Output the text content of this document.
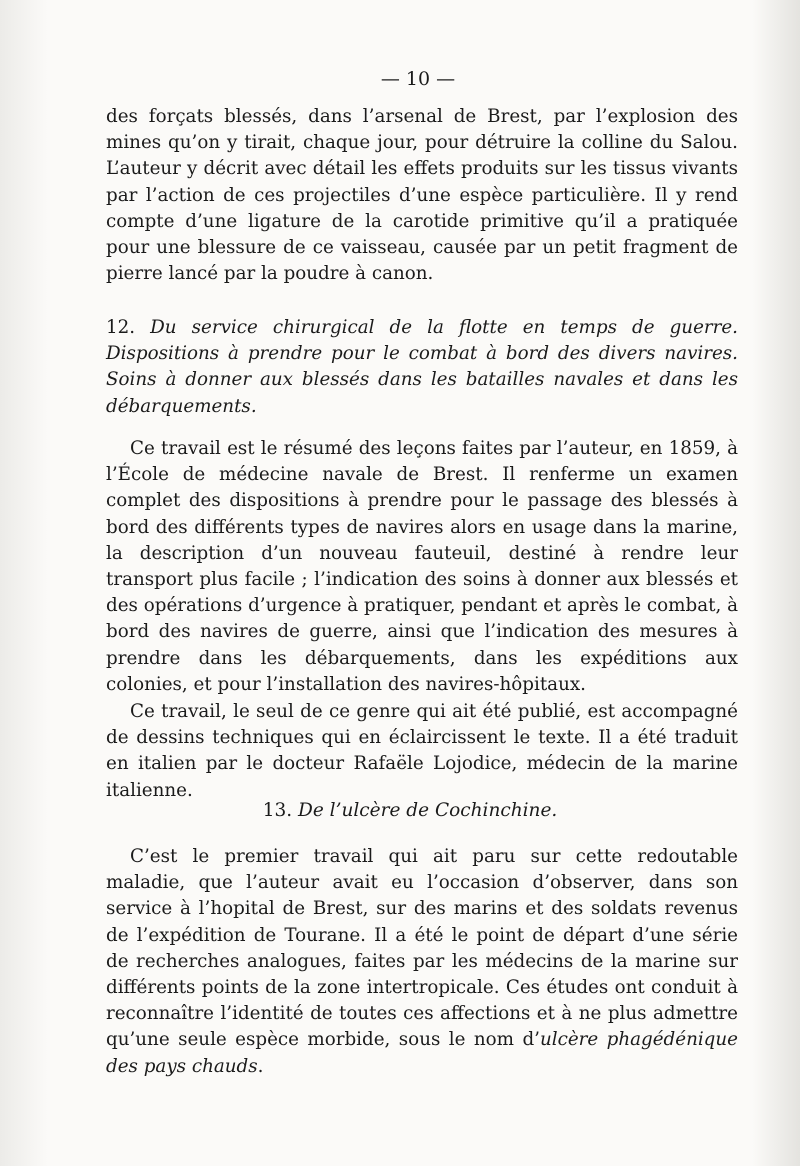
— 10 —

des forçats blessés, dans l’arsenal de Brest, par l’explosion des mines qu’on y tirait, chaque jour, pour détruire la colline du Salou. L’auteur y décrit avec détail les effets produits sur les tissus vivants par l’action de ces projectiles d’une espèce particulière. Il y rend compte d’une ligature de la carotide primitive qu’il a pratiquée pour une blessure de ce vaisseau, causée par un petit fragment de pierre lancé par la poudre à canon.

12. Du service chirurgical de la flotte en temps de guerre. Dispositions à prendre pour le combat à bord des divers navires. Soins à donner aux blessés dans les batailles navales et dans les débarquements.

Ce travail est le résumé des leçons faites par l’auteur, en 1859, à l’École de médecine navale de Brest. Il renferme un examen complet des dispositions à prendre pour le passage des blessés à bord des différents types de navires alors en usage dans la marine, la description d’un nouveau fauteuil, destiné à rendre leur transport plus facile ; l’indication des soins à donner aux blessés et des opérations d’urgence à pratiquer, pendant et après le combat, à bord des navires de guerre, ainsi que l’indication des mesures à prendre dans les débarquements, dans les expéditions aux colonies, et pour l’installation des navires-hôpitaux.

Ce travail, le seul de ce genre qui ait été publié, est accompagné de dessins techniques qui en éclaircissent le texte. Il a été traduit en italien par le docteur Rafaële Lojodice, médecin de la marine italienne.

13. De l’ulcère de Cochinchine.

C’est le premier travail qui ait paru sur cette redoutable maladie, que l’auteur avait eu l’occasion d’observer, dans son service à l’hopital de Brest, sur des marins et des soldats revenus de l’expédition de Tourane. Il a été le point de départ d’une série de recherches analogues, faites par les médecins de la marine sur différents points de la zone intertropicale. Ces études ont conduit à reconnaître l’identité de toutes ces affections et à ne plus admettre qu’une seule espèce morbide, sous le nom d’ulcère phagédénique des pays chauds.
